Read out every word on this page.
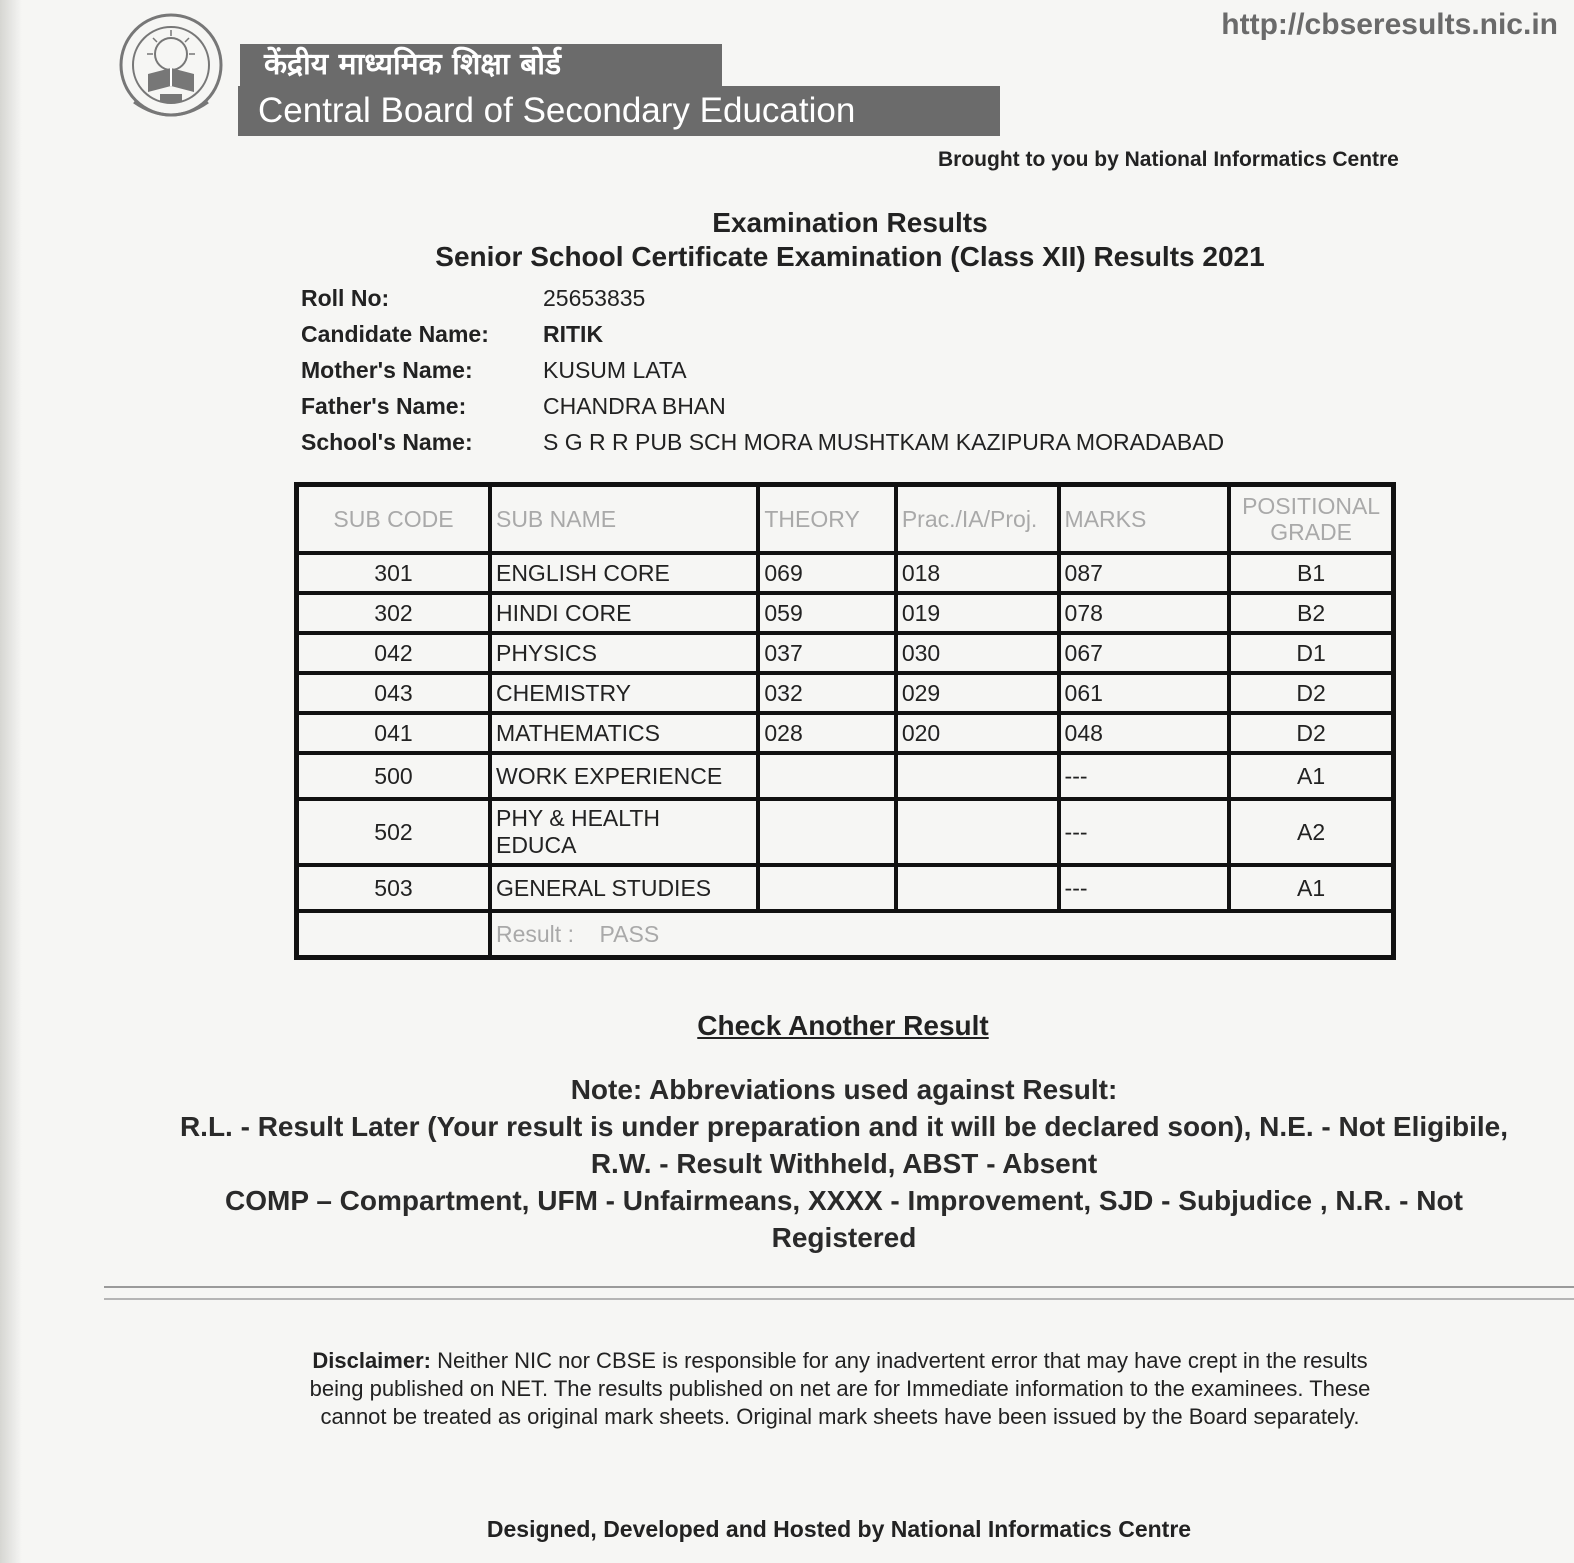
http://cbseresults.nic.in
केंद्रीय माध्यमिक शिक्षा बोर्ड
Central Board of Secondary Education
Brought to you by National Informatics Centre
Examination Results
Senior School Certificate Examination (Class XII) Results 2021
Roll No:	25653835
Candidate Name:	RITIK
Mother's Name:	KUSUM LATA
Father's Name:	CHANDRA BHAN
School's Name:	S G R R PUB SCH MORA MUSHTKAM KAZIPURA MORADABAD
SUB CODE	SUB NAME	THEORY	Prac./IA/Proj.	MARKS	POSITIONAL
GRADE
301	ENGLISH CORE	069	018	087	B1
302	HINDI CORE	059	019	078	B2
042	PHYSICS	037	030	067	D1
043	CHEMISTRY	032	029	061	D2
041	MATHEMATICS	028	020	048	D2
500	WORK EXPERIENCE			---	A1
502	PHY & HEALTH
EDUCA			---	A2
503	GENERAL STUDIES			---	A1
	Result : PASS				
Check Another Result

Note: Abbreviations used against Result:

R.L. - Result Later (Your result is under preparation and it will be declared soon), N.E. - Not Eligibile,

R.W. - Result Withheld, ABST - Absent

COMP – Compartment, UFM - Unfairmeans, XXXX - Improvement, SJD - Subjudice , N.R. - Not

Registered

Disclaimer: Neither NIC nor CBSE is responsible for any inadvertent error that may have crept in the results being published on NET. The results published on net are for Immediate information to the examinees. These cannot be treated as original mark sheets. Original mark sheets have been issued by the Board separately.
Designed, Developed and Hosted by National Informatics Centre
